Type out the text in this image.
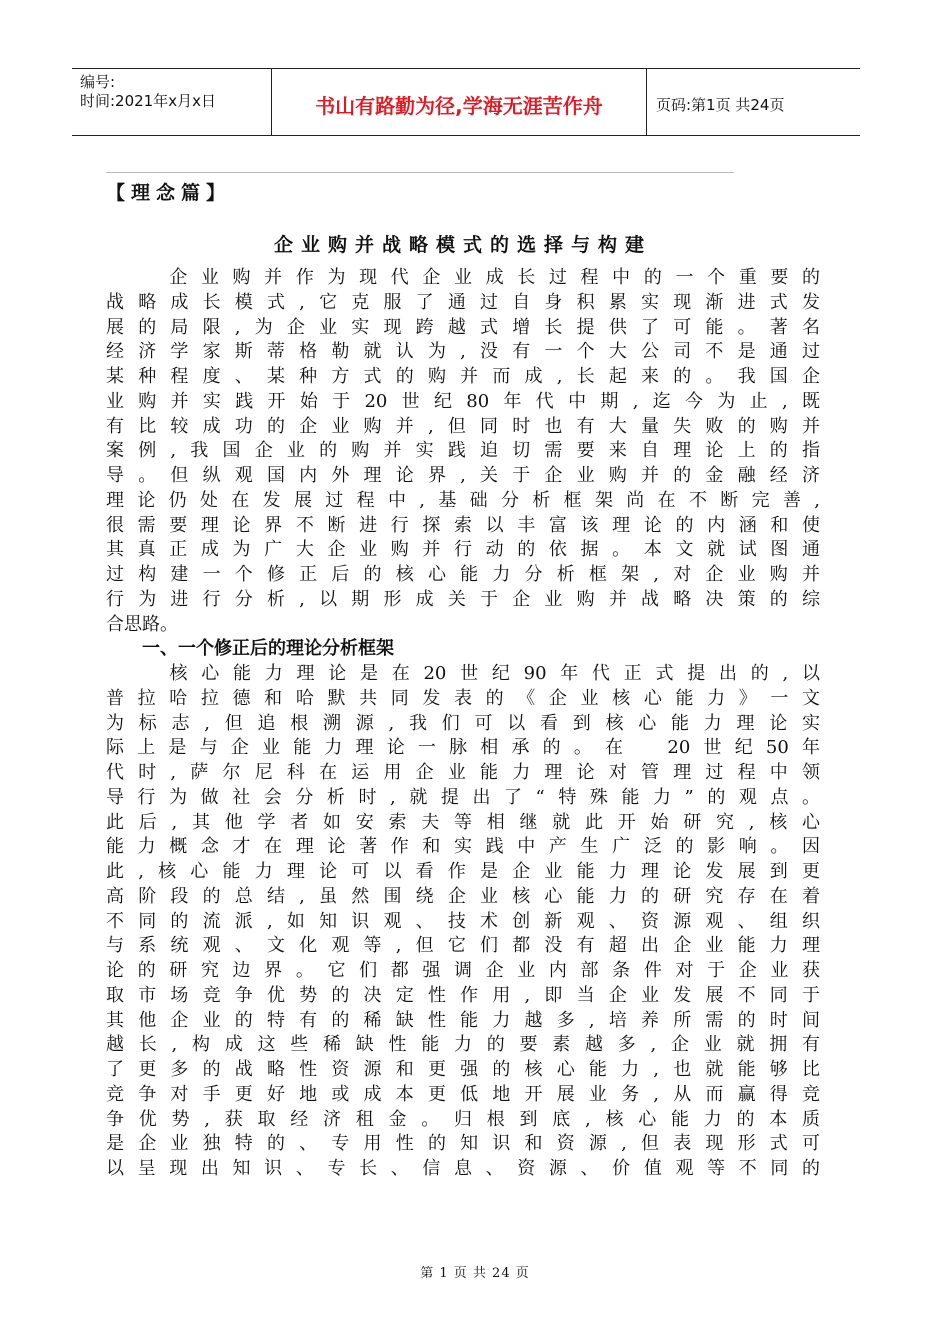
编号:
时间:2021年x月x日	书山有路勤为径,学海无涯苦作舟	页码:第1页 共24页
【理念篇】
企业购并战略模式的选择与构建
　　企业购并作为现代企业成长过程中的一个重要的
战略成长模式,它克服了通过自身积累实现渐进式发
展的局限,为企业实现跨越式增长提供了可能。著名
经济学家斯蒂格勒就认为,没有一个大公司不是通过
某种程度、某种方式的购并而成,长起来的。我国企
业购并实践开始于20世纪80年代中期,迄今为止,既
有比较成功的企业购并,但同时也有大量失败的购并
案例,我国企业的购并实践迫切需要来自理论上的指
导。但纵观国内外理论界,关于企业购并的金融经济
理论仍处在发展过程中,基础分析框架尚在不断完善,
很需要理论界不断进行探索以丰富该理论的内涵和使
其真正成为广大企业购并行动的依据。本文就试图通
过构建一个修正后的核心能力分析框架,对企业购并
行为进行分析,以期形成关于企业购并战略决策的综
合思路。
　　一、一个修正后的理论分析框架
　　核心能力理论是在20世纪90年代正式提出的,以
普拉哈拉德和哈默共同发表的《企业核心能力》一文
为标志,但追根溯源,我们可以看到核心能力理论实
际上是与企业能力理论一脉相承的。在　20世纪50年
代时,萨尔尼科在运用企业能力理论对管理过程中领
导行为做社会分析时,就提出了“特殊能力”的观点。
此后,其他学者如安索夫等相继就此开始研究,核心
能力概念才在理论著作和实践中产生广泛的影响。因
此,核心能力理论可以看作是企业能力理论发展到更
高阶段的总结,虽然围绕企业核心能力的研究存在着
不同的流派,如知识观、技术创新观、资源观、组织
与系统观、文化观等,但它们都没有超出企业能力理
论的研究边界。它们都强调企业内部条件对于企业获
取市场竞争优势的决定性作用,即当企业发展不同于
其他企业的特有的稀缺性能力越多,培养所需的时间
越长,构成这些稀缺性能力的要素越多,企业就拥有
了更多的战略性资源和更强的核心能力,也就能够比
竞争对手更好地或成本更低地开展业务,从而赢得竞
争优势,获取经济租金。归根到底,核心能力的本质
是企业独特的、专用性的知识和资源,但表现形式可
以呈现出知识、专长、信息、资源、价值观等不同的
第 1 页 共 24 页
